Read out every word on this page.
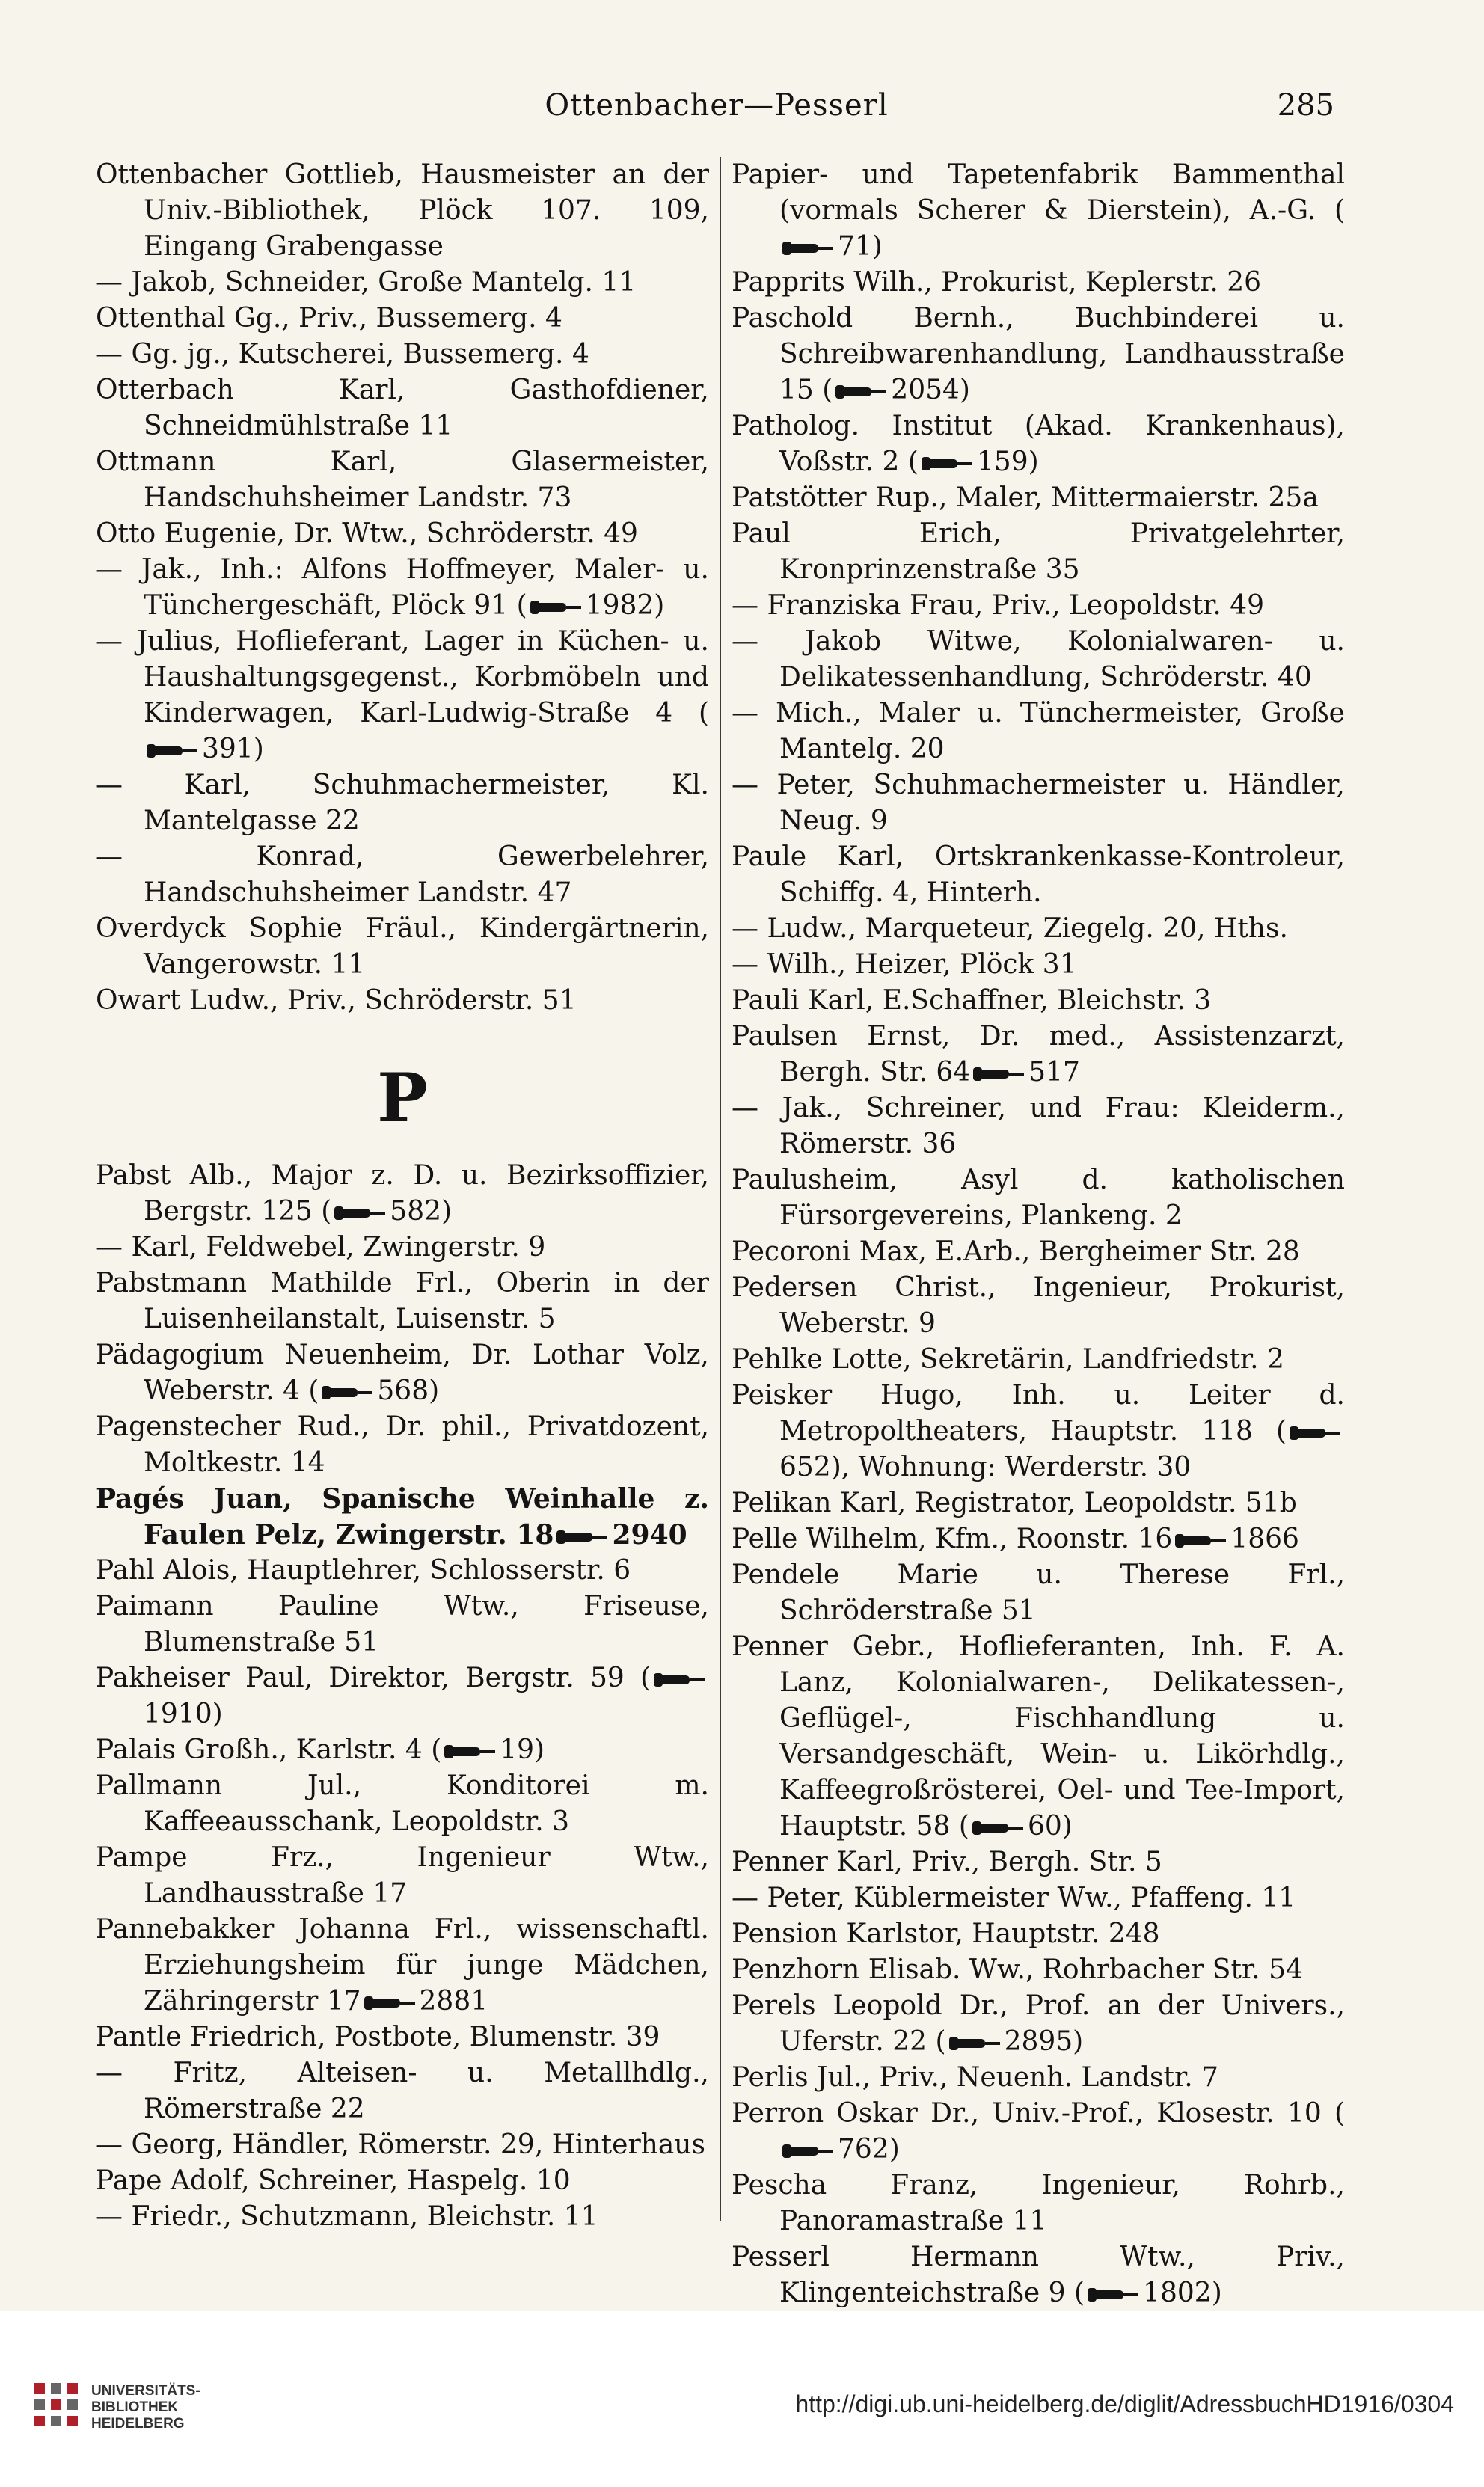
Ottenbacher—Pesserl	285
Ottenbacher Gottlieb, Hausmeister an der Univ.-Bibliothek, Plöck 107. 109, Eingang Grabengasse
— Jakob, Schneider, Große Mantelg. 11
Ottenthal Gg., Priv., Bussemerg. 4
— Gg. jg., Kutscherei, Bussemerg. 4
Otterbach Karl, Gasthofdiener, Schneidmühlstraße 11
Ottmann Karl, Glasermeister, Handschuhsheimer Landstr. 73
Otto Eugenie, Dr. Wtw., Schröderstr. 49
— Jak., Inh.: Alfons Hoffmeyer, Maler- u. Tünchergeschäft, Plöck 91 ( 1982)
— Julius, Hoflieferant, Lager in Küchen- u. Haushaltungsgegenst., Korbmöbeln und Kinderwagen, Karl-Ludwig-Straße 4 (391)
— Karl, Schuhmachermeister, Kl. Mantelgasse 22
— Konrad, Gewerbelehrer, Handschuhsheimer Landstr. 47
Overdyck Sophie Fräul., Kindergärtnerin, Vangerowstr. 11
Owart Ludw., Priv., Schröderstr. 51
P
Pabst Alb., Major z. D. u. Bezirksoffizier, Bergstr. 125 ( 582)
— Karl, Feldwebel, Zwingerstr. 9
Pabstmann Mathilde Frl., Oberin in der Luisenheilanstalt, Luisenstr. 5
Pädagogium Neuenheim, Dr. Lothar Volz, Weberstr. 4 ( 568)
Pagenstecher Rud., Dr. phil., Privatdozent, Moltkestr. 14
Pagés Juan, Spanische Weinhalle z. Faulen Pelz, Zwingerstr. 18 2940
Pahl Alois, Hauptlehrer, Schlosserstr. 6
Paimann Pauline Wtw., Friseuse, Blumenstraße 51
Pakheiser Paul, Direktor, Bergstr. 59 (1910)
Palais Großh., Karlstr. 4 ( 19)
Pallmann Jul., Konditorei m. Kaffeeausschank, Leopoldstr. 3
Pampe Frz., Ingenieur Wtw., Landhausstraße 17
Pannebakker Johanna Frl., wissenschaftl. Erziehungsheim für junge Mädchen, Zähringerstr 17 2881
Pantle Friedrich, Postbote, Blumenstr. 39
— Fritz, Alteisen- u. Metallhdlg., Römerstraße 22
— Georg, Händler, Römerstr. 29, Hinterhaus
Pape Adolf, Schreiner, Haspelg. 10
— Friedr., Schutzmann, Bleichstr. 11
Papier- und Tapetenfabrik Bammenthal (vormals Scherer & Dierstein), A.-G. (71)
Papprits Wilh., Prokurist, Keplerstr. 26
Paschold Bernh., Buchbinderei u. Schreibwarenhandlung, Landhausstraße 15 ( 2054)
Patholog. Institut (Akad. Krankenhaus), Voßstr. 2 ( 159)
Patstötter Rup., Maler, Mittermaierstr. 25a
Paul Erich, Privatgelehrter, Kronprinzenstraße 35
— Franziska Frau, Priv., Leopoldstr. 49
— Jakob Witwe, Kolonialwaren- u. Delikatessenhandlung, Schröderstr. 40
— Mich., Maler u. Tünchermeister, Große Mantelg. 20
— Peter, Schuhmachermeister u. Händler, Neug. 9
Paule Karl, Ortskrankenkasse-Kontroleur, Schiffg. 4, Hinterh.
— Ludw., Marqueteur, Ziegelg. 20, Hths.
— Wilh., Heizer, Plöck 31
Pauli Karl, E.Schaffner, Bleichstr. 3
Paulsen Ernst, Dr. med., Assistenzarzt, Bergh. Str. 64 517
— Jak., Schreiner, und Frau: Kleiderm., Römerstr. 36
Paulusheim, Asyl d. katholischen Fürsorgevereins, Plankeng. 2
Pecoroni Max, E.Arb., Bergheimer Str. 28
Pedersen Christ., Ingenieur, Prokurist, Weberstr. 9
Pehlke Lotte, Sekretärin, Landfriedstr. 2
Peisker Hugo, Inh. u. Leiter d. Metropoltheaters, Hauptstr. 118 (652), Wohnung: Werderstr. 30
Pelikan Karl, Registrator, Leopoldstr. 51b
Pelle Wilhelm, Kfm., Roonstr. 16 1866
Pendele Marie u. Therese Frl., Schröderstraße 51
Penner Gebr., Hoflieferanten, Inh. F. A. Lanz, Kolonialwaren-, Delikatessen-, Geflügel-, Fischhandlung u. Versandgeschäft, Wein- u. Likörhdlg., Kaffeegroßrösterei, Oel- und Tee-Import, Hauptstr. 58 ( 60)
Penner Karl, Priv., Bergh. Str. 5
— Peter, Küblermeister Ww., Pfaffeng. 11
Pension Karlstor, Hauptstr. 248
Penzhorn Elisab. Ww., Rohrbacher Str. 54
Perels Leopold Dr., Prof. an der Univers., Uferstr. 22 ( 2895)
Perlis Jul., Priv., Neuenh. Landstr. 7
Perron Oskar Dr., Univ.-Prof., Klosestr. 10 (762)
Pescha Franz, Ingenieur, Rohrb., Panoramastraße 11
Pesserl Hermann Wtw., Priv., Klingenteichstraße 9 ( 1802)
UNIVERSITÄTS-
BIBLIOTHEK
HEIDELBERG
http://digi.ub.uni-heidelberg.de/diglit/AdressbuchHD1916/0304
